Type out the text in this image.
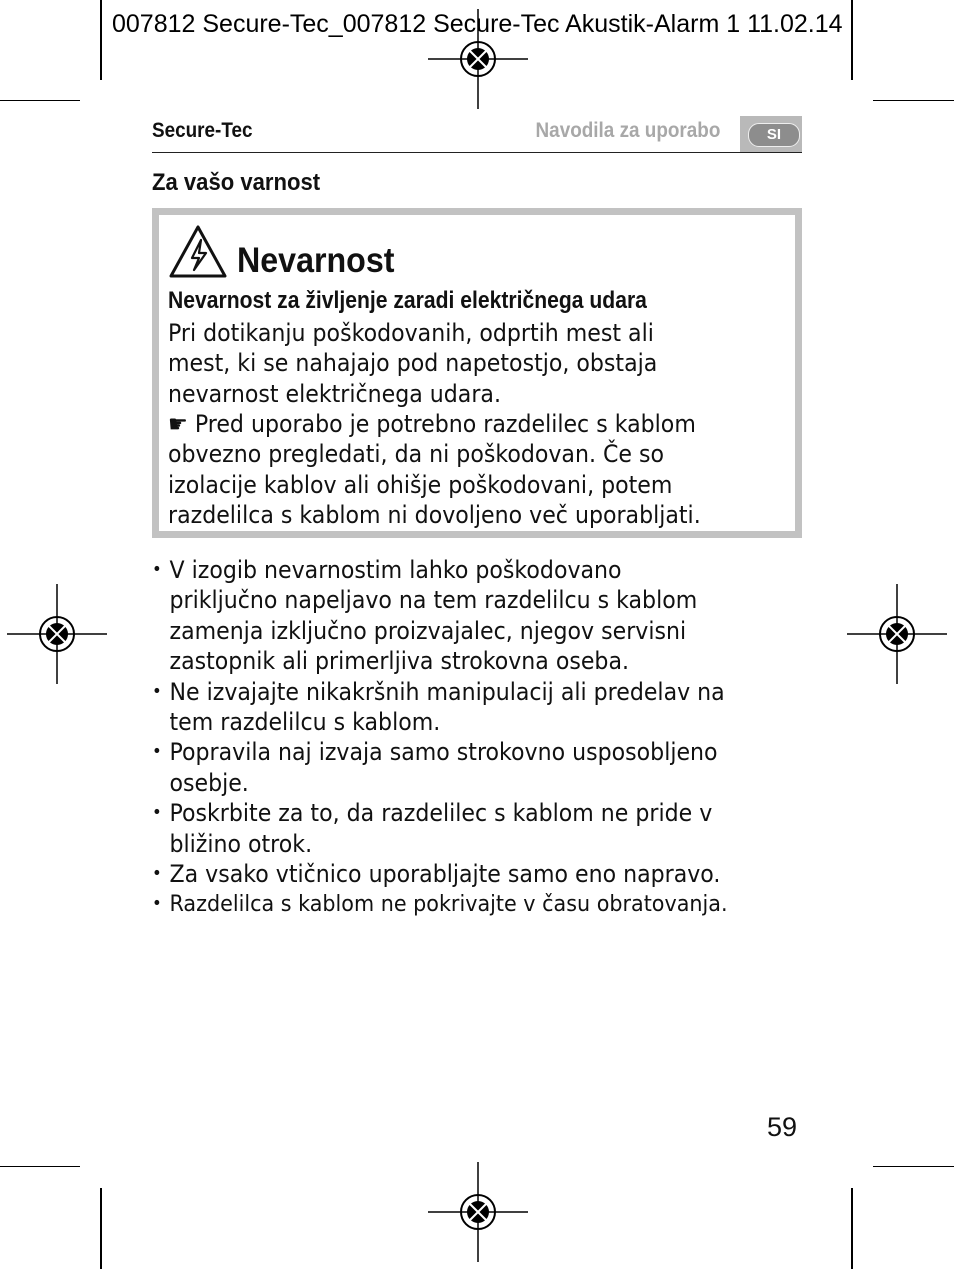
007812 Secure-Tec_007812 Secure-Tec Akustik-Alarm 1 11.02.14
Secure-Tec	Navodila za uporabo	SI
Za vašo varnost
Nevarnost

Nevarnost za življenje zaradi električnega udara

Pri dotikanju poškodovanih, odprtih mest ali
mest, ki se nahajajo pod napetostjo, obstaja
nevarnost električnega udara.

☛ Pred uporabo je potrebno razdelilec s kablom
obvezno pregledati, da ni poškodovan. Če so
izolacije kablov ali ohišje poškodovani, potem
razdelilca s kablom ni dovoljeno več uporabljati.

• V izogib nevarnostim lahko poškodovano
priključno napeljavo na tem razdelilcu s kablom
zamenja izključno proizvajalec, njegov servisni
zastopnik ali primerljiva strokovna oseba.
• Ne izvajajte nikakršnih manipulacij ali predelav na
tem razdelilcu s kablom.
• Popravila naj izvaja samo strokovno usposobljeno
osebje.
• Poskrbite za to, da razdelilec s kablom ne pride v
bližino otrok.
• Za vsako vtičnico uporabljajte samo eno napravo.
• Razdelilca s kablom ne pokrivajte v času obratovanja.
59
